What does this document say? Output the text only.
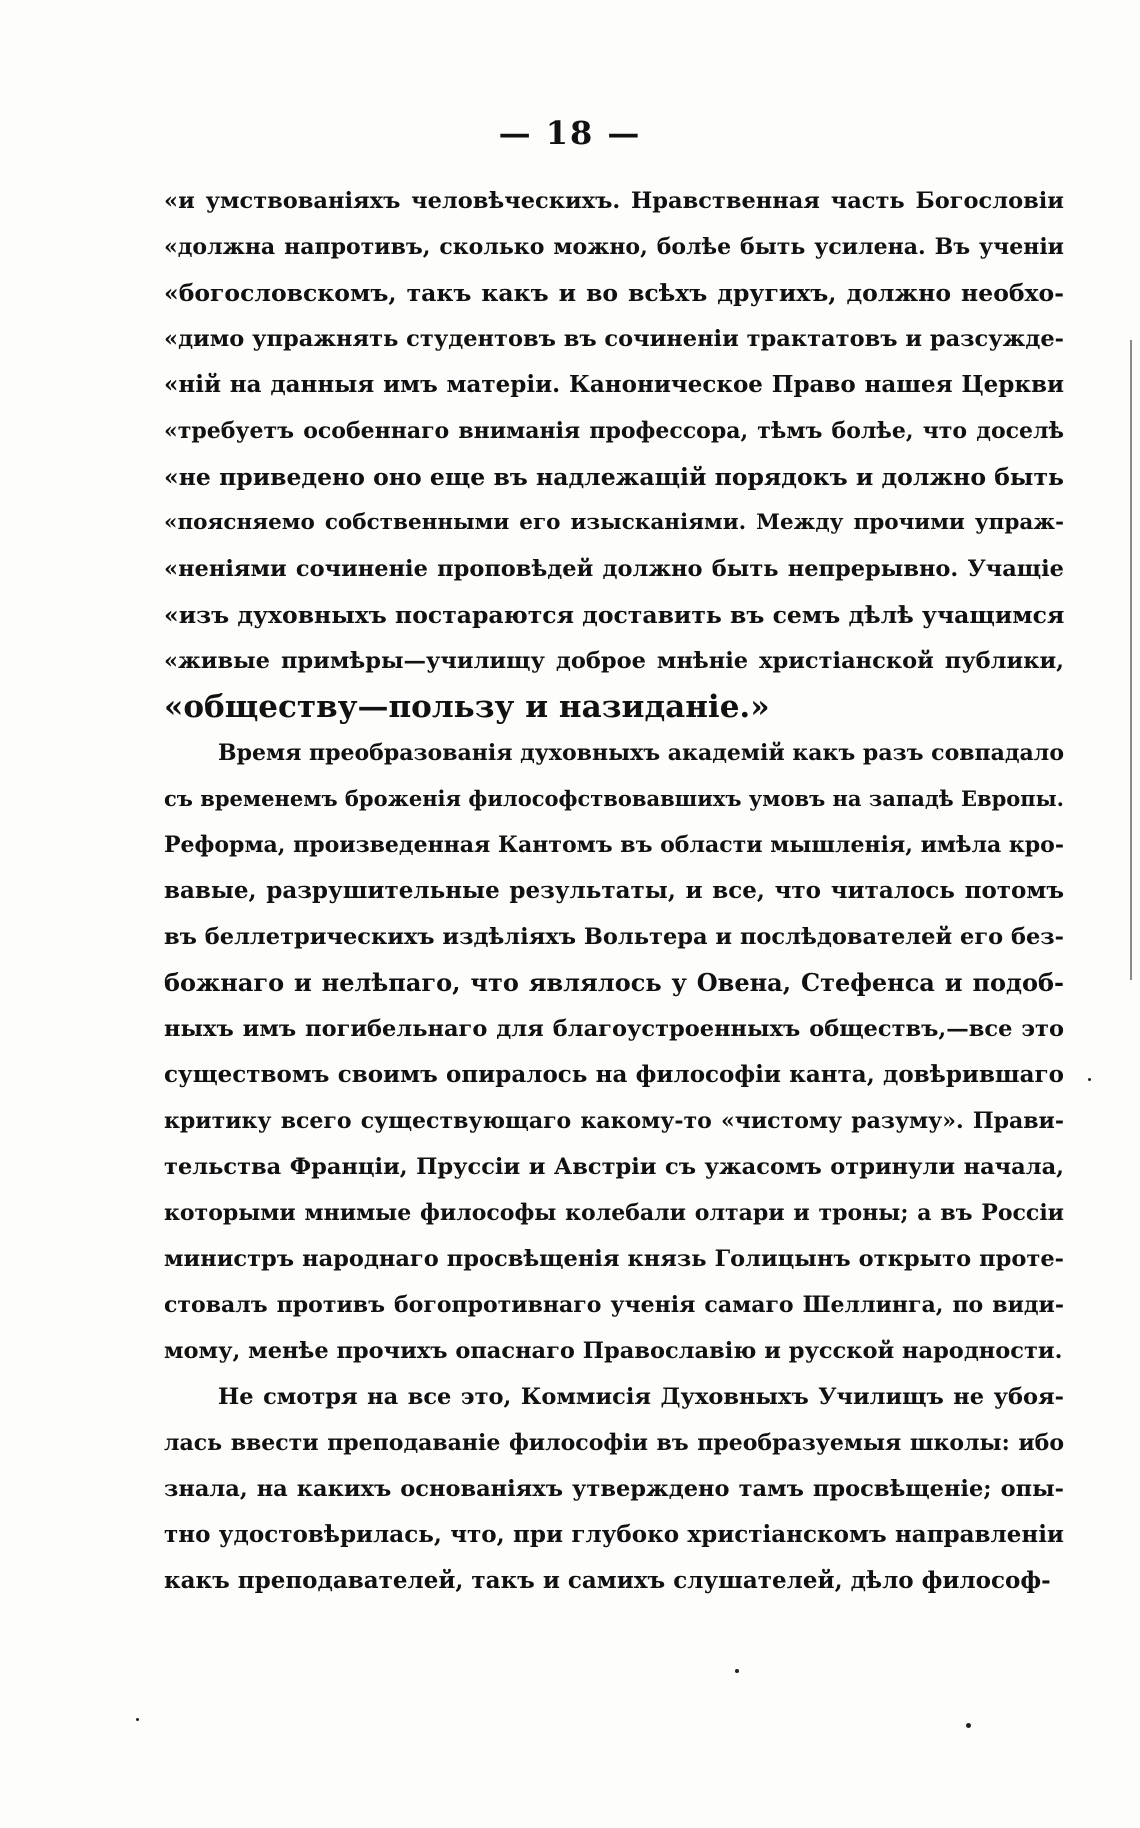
— 18 —
«и умствованiяхъ человѣческихъ. Нравственная часть Богословiи
«должна напротивъ, сколько можно, болѣе быть усилена. Въ ученiи
«богословскомъ, такъ какъ и во всѣхъ другихъ, должно необхо-
«димо упражнять студентовъ въ сочиненiи трактатовъ и разсужде-
«нiй на данныя имъ матерiи. Каноническое Право нашея Церкви
«требуетъ особеннаго вниманiя профессора, тѣмъ болѣе, что доселѣ
«не приведено оно еще въ надлежащiй порядокъ и должно быть
«поясняемо собственными его изысканiями. Между прочими упраж-
«ненiями сочиненiе проповѣдей должно быть непрерывно. Учащiе
«изъ духовныхъ постараются доставить въ семъ дѣлѣ учащимся
«живые примѣры—училищу доброе мнѣнiе христiанской публики,
«обществу—пользу и назиданiе.»
Время преобразованiя духовныхъ академiй какъ разъ совпадало
съ временемъ броженiя философствовавшихъ умовъ на западѣ Европы.
Реформа, произведенная Кантомъ въ области мышленiя, имѣла кро-
вавые, разрушительные результаты, и все, что читалось потомъ
въ беллетрическихъ издѣлiяхъ Вольтера и послѣдователей его без-
божнаго и нелѣпаго, что являлось у Овена, Стефенса и подоб-
ныхъ имъ погибельнаго для благоустроенныхъ обществъ,—все это
существомъ своимъ опиралось на философiи канта, довѣрившаго
критику всего существующаго какому-то «чистому разуму». Прави-
тельства Францiи, Пруссiи и Австрiи съ ужасомъ отринули начала,
которыми мнимые философы колебали олтари и троны; а въ Россiи
министръ народнаго просвѣщенiя князь Голицынъ открыто проте-
стовалъ противъ богопротивнаго ученiя самаго Шеллинга, по види-
мому, менѣе прочихъ опаснаго Православiю и русской народности.
Не смотря на все это, Коммисiя Духовныхъ Училищъ не убоя-
лась ввести преподаванiе философiи въ преобразуемыя школы: ибо
знала, на какихъ основанiяхъ утверждено тамъ просвѣщенiе; опы-
тно удостовѣрилась, что, при глубоко христiанскомъ направленiи
какъ преподавателей, такъ и самихъ слушателей, дѣло философ-
